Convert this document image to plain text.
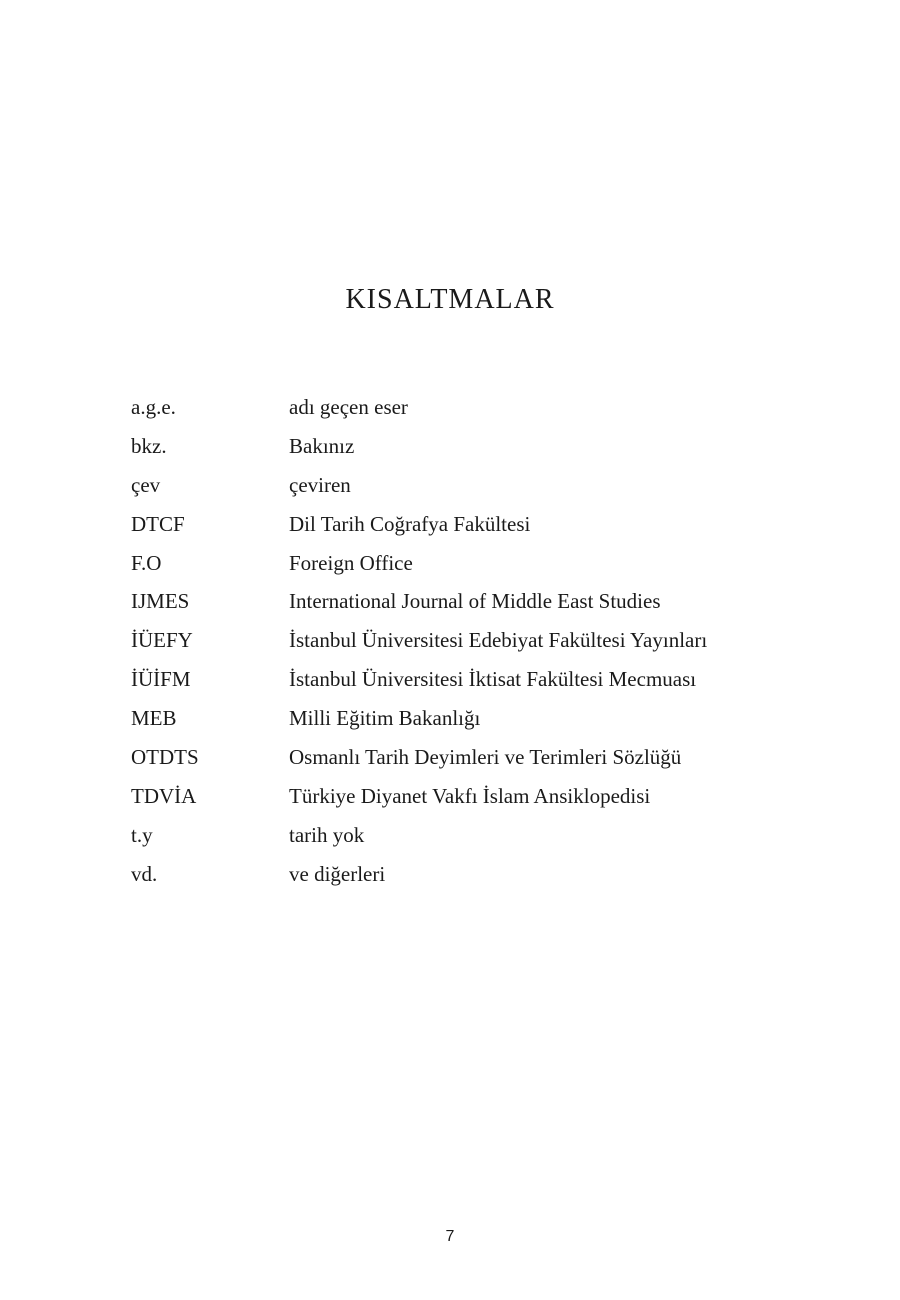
KISALTMALAR
a.g.e.	adı geçen eser
bkz.	Bakınız
çev	çeviren
DTCF	Dil Tarih Coğrafya Fakültesi
F.O	Foreign Office
IJMES	International Journal of Middle East Studies
İÜEFY	İstanbul Üniversitesi Edebiyat Fakültesi Yayınları
İÜİFM	İstanbul Üniversitesi İktisat Fakültesi Mecmuası
MEB	Milli Eğitim Bakanlığı
OTDTS	Osmanlı Tarih Deyimleri ve Terimleri Sözlüğü
TDVİA	Türkiye Diyanet Vakfı İslam Ansiklopedisi
t.y	tarih yok
vd.	ve diğerleri
7
